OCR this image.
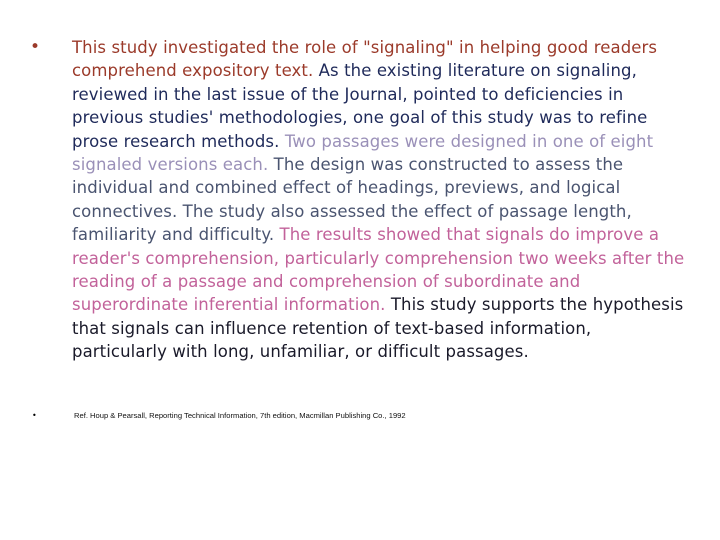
•	This study investigated the role of "signaling" in helping good readers comprehend expository text. As the existing literature on signaling, reviewed in the last issue of the Journal, pointed to deficiencies in previous studies' methodologies, one goal of this study was to refine prose research methods. Two passages were designed in one of eight signaled versions each. The design was constructed to assess the individual and combined effect of headings, previews, and logical connectives. The study also assessed the effect of passage length, familiarity and difficulty. The results showed that signals do improve a reader's comprehension, particularly comprehension two weeks after the reading of a passage and comprehension of subordinate and superordinate inferential information. This study supports the hypothesis that signals can influence retention of text-based information, particularly with long, unfamiliar, or difficult passages.
•	Ref. Houp & Pearsall, Reporting Technical Information, 7th edition, Macmillan Publishing Co., 1992
